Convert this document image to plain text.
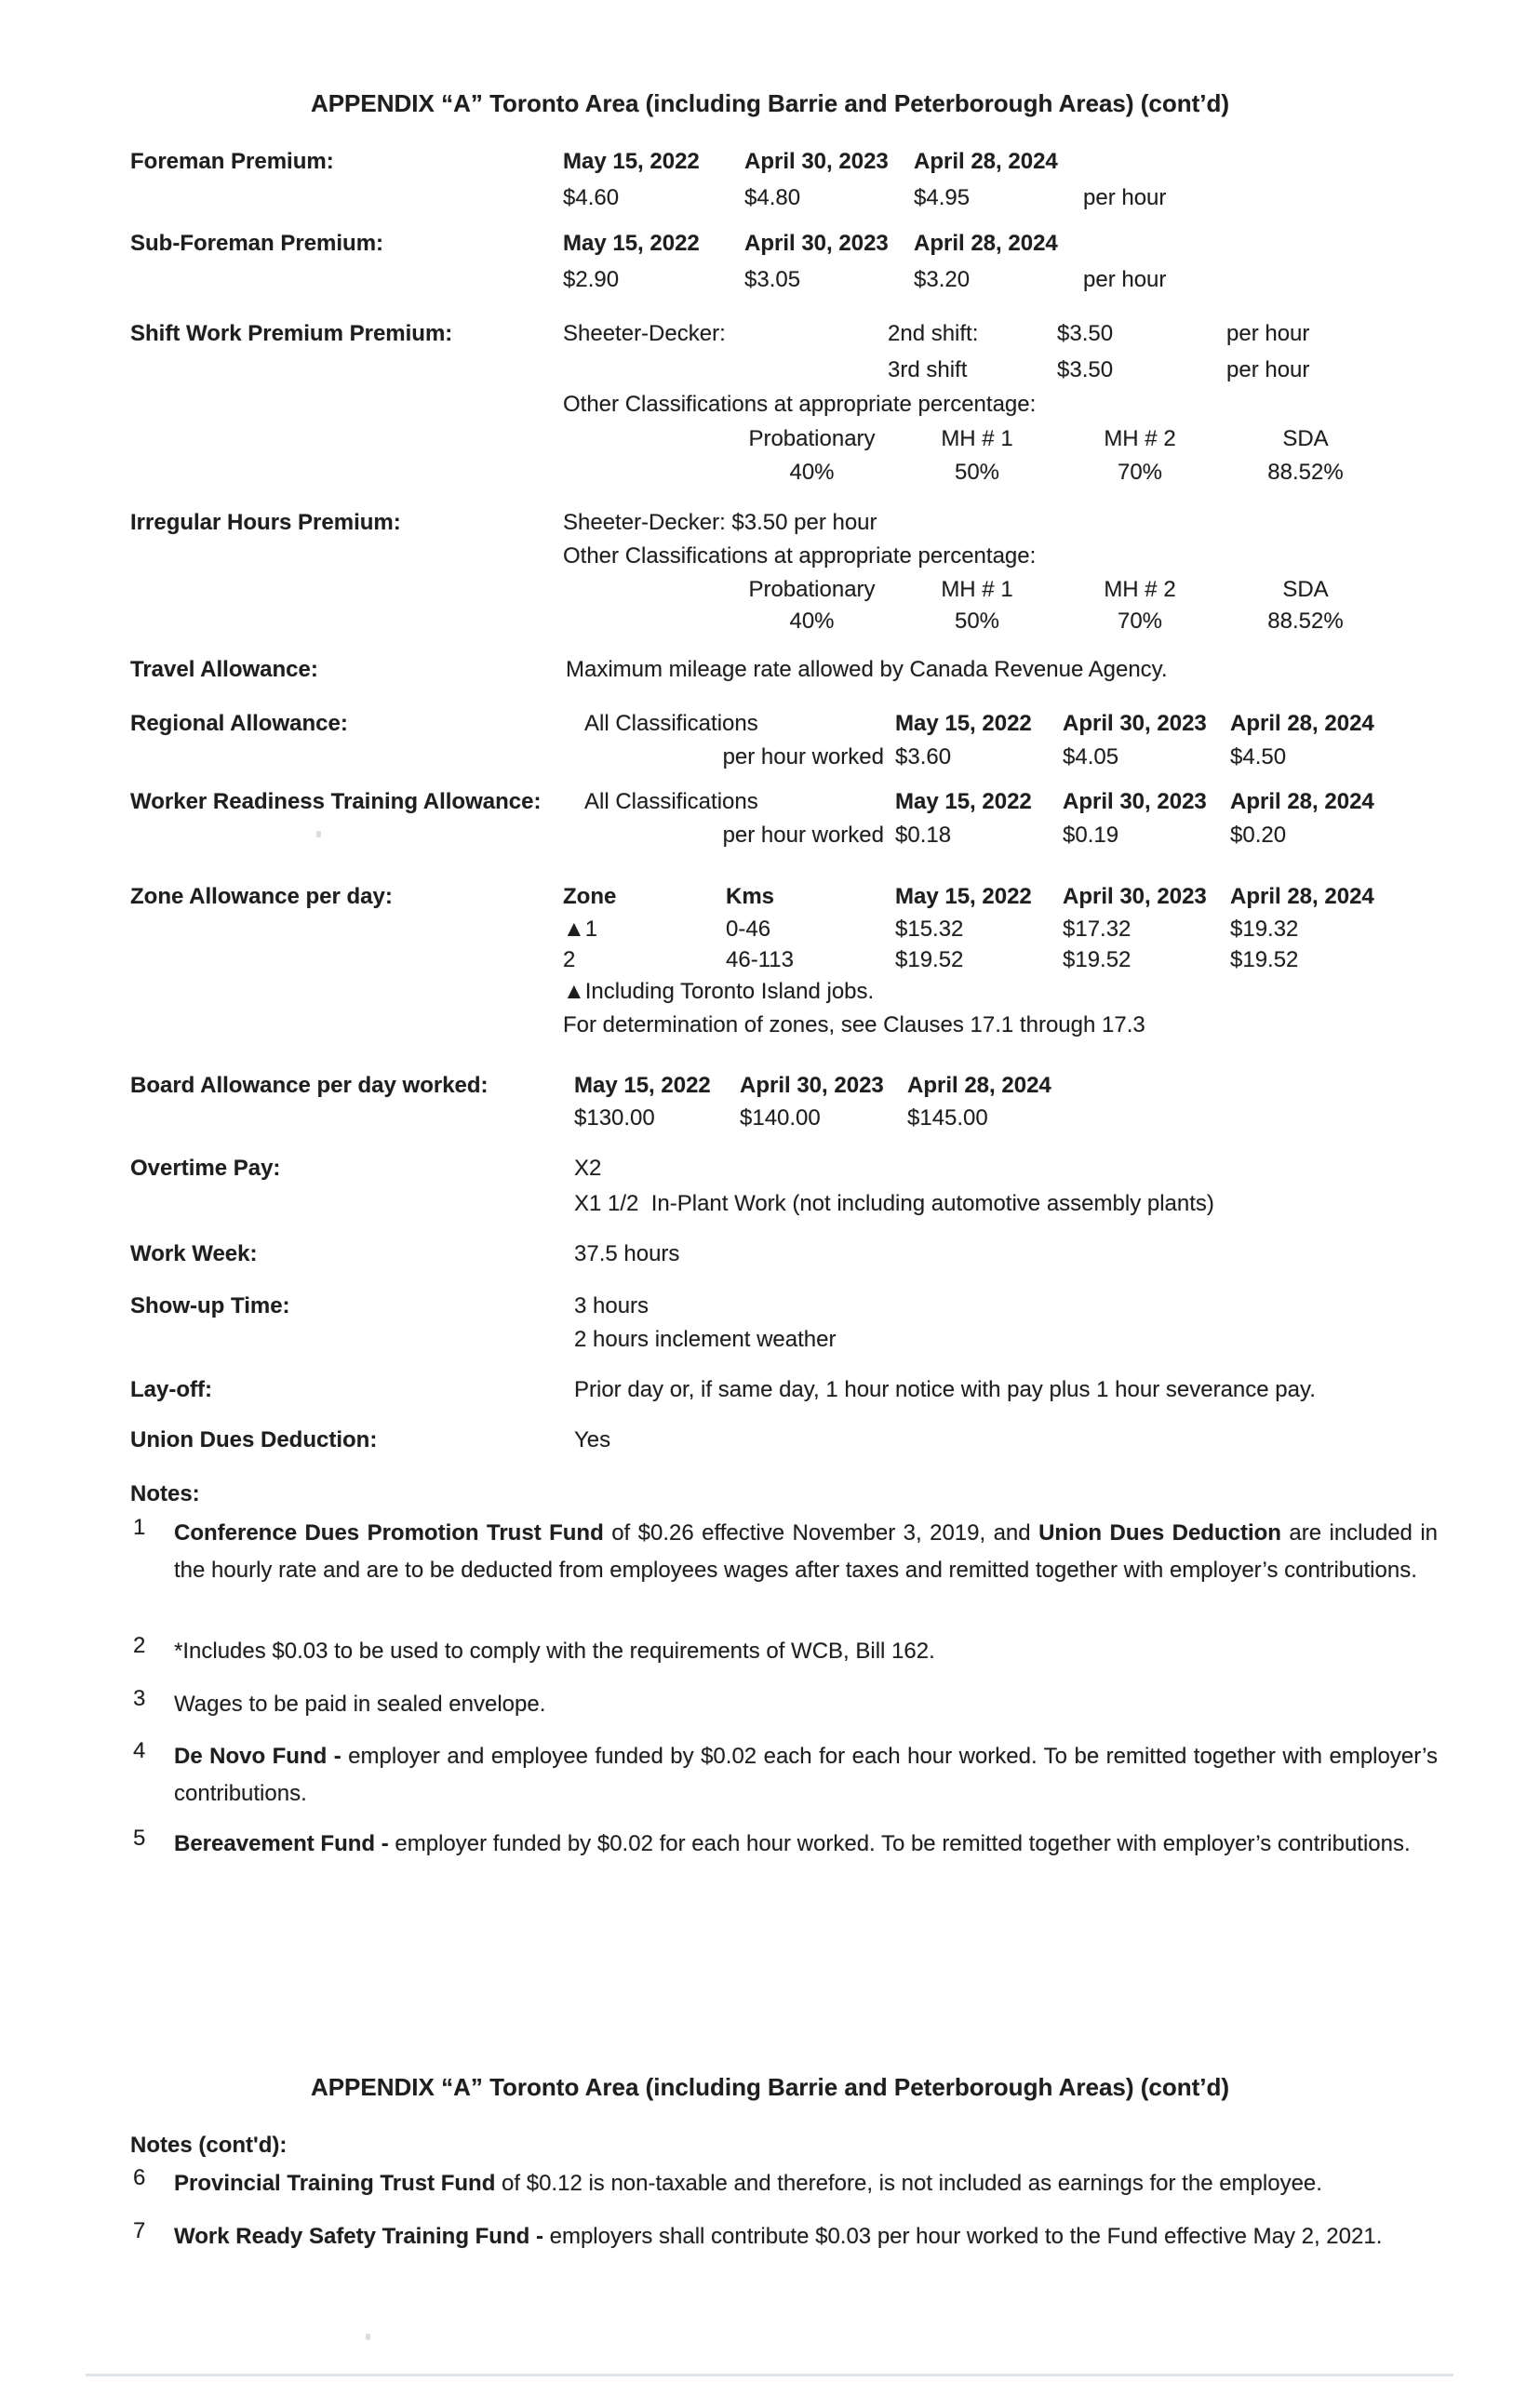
APPENDIX “A” Toronto Area (including Barrie and Peterborough Areas) (cont’d)
Foreman Premium:	May 15, 2022 April 30, 2023 April 28, 2024
$4.60	$4.80	$4.95	per hour
Sub-Foreman Premium:	May 15, 2022 April 30, 2023 April 28, 2024
$2.90	$3.05	$3.20	per hour
Shift Work Premium Premium:	Sheeter-Decker:	2nd shift:	$3.50	per hour
3rd shift	$3.50	per hour
Other Classifications at appropriate percentage:
Probationary	MH # 1	MH # 2	SDA
40%	50%	70%	88.52%
Irregular Hours Premium:	Sheeter-Decker: $3.50 per hour
Other Classifications at appropriate percentage:
Probationary	MH # 1	MH # 2	SDA
40%	50%	70%	88.52%
Travel Allowance:	Maximum mileage rate allowed by Canada Revenue Agency.
Regional Allowance:	All Classifications	May 15, 2022 April 30, 2023 April 28, 2024
per hour worked $3.60	$4.05	$4.50
Worker Readiness Training Allowance: All Classifications	May 15, 2022 April 30, 2023 April 28, 2024
per hour worked $0.18	$0.19	$0.20
Zone Allowance per day:	Zone	Kms	May 15, 2022 April 30, 2023 April 28, 2024
▲1	0-46	$15.32	$17.32	$19.32
2	46-113	$19.52	$19.52	$19.52
▲Including Toronto Island jobs.
For determination of zones, see Clauses 17.1 through 17.3
Board Allowance per day worked:	May 15, 2022 April 30, 2023 April 28, 2024
$130.00	$140.00	$145.00
Overtime Pay:	X2
X1 1/2  In-Plant Work (not including automotive assembly plants)
Work Week:	37.5 hours
Show-up Time:	3 hours
2 hours inclement weather
Lay-off:	Prior day or, if same day, 1 hour notice with pay plus 1 hour severance pay.
Union Dues Deduction:	Yes
Notes:
1 Conference Dues Promotion Trust Fund of $0.26 effective November 3, 2019, and Union Dues Deduction are included in the hourly rate and are to be deducted from employees wages after taxes and remitted together with employer’s contributions.
2 *Includes $0.03 to be used to comply with the requirements of WCB, Bill 162.
3 Wages to be paid in sealed envelope.
4 De Novo Fund - employer and employee funded by $0.02 each for each hour worked. To be remitted together with employer’s contributions.
5 Bereavement Fund - employer funded by $0.02 for each hour worked. To be remitted together with employer’s contributions.
APPENDIX “A” Toronto Area (including Barrie and Peterborough Areas) (cont’d)
Notes (cont'd):
6 Provincial Training Trust Fund of $0.12 is non-taxable and therefore, is not included as earnings for the employee.
7 Work Ready Safety Training Fund - employers shall contribute $0.03 per hour worked to the Fund effective May 2, 2021.
